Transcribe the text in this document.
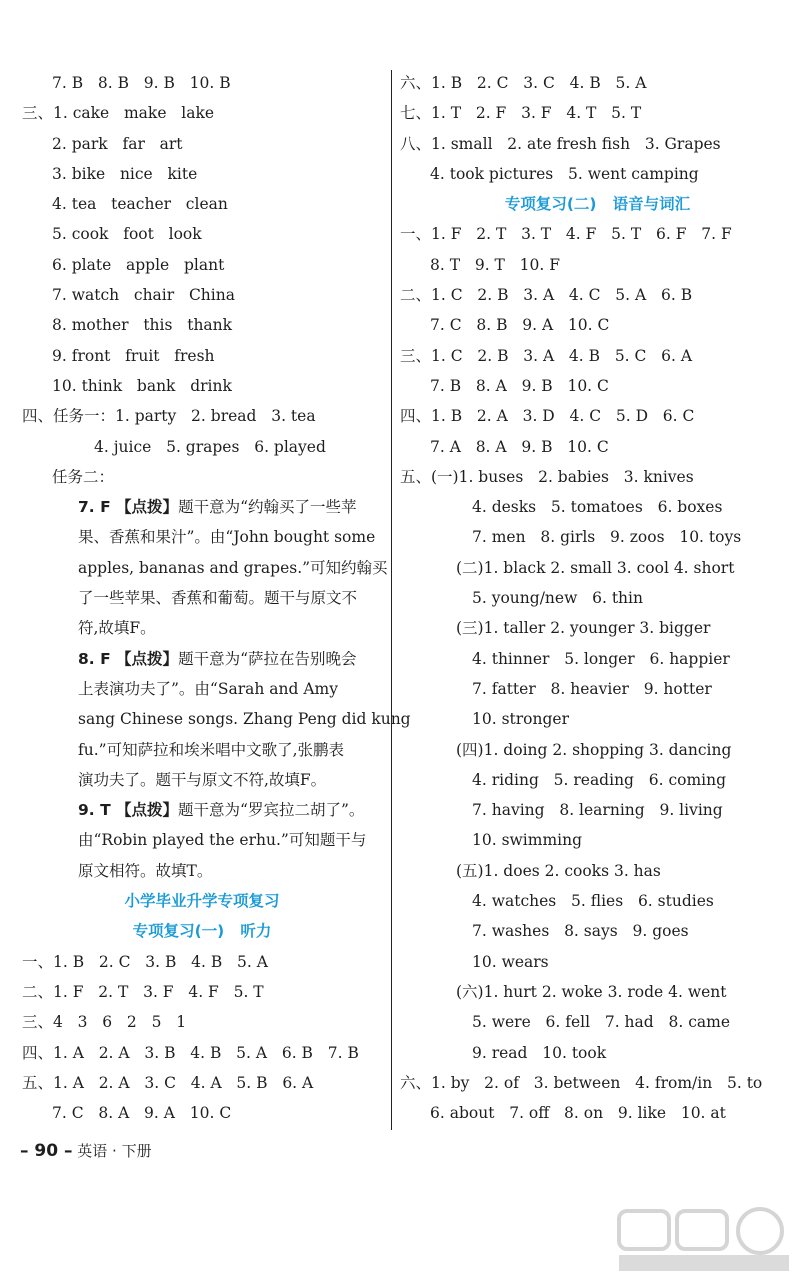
7. B   8. B   9. B   10. B
三、1. cake   make   lake
2. park   far   art
3. bike   nice   kite
4. tea   teacher   clean
5. cook   foot   look
6. plate   apple   plant
7. watch   chair   China
8. mother   this   thank
9. front   fruit   fresh
10. think   bank   drink
四、任务一：1. party   2. bread   3. tea
4. juice   5. grapes   6. played
任务二：
7. F 【点拨】题干意为“约翰买了一些苹
果、香蕉和果汁”。由“John bought some
apples, bananas and grapes.”可知约翰买
了一些苹果、香蕉和葡萄。题干与原文不
符,故填F。
8. F 【点拨】题干意为“萨拉在告别晚会
上表演功夫了”。由“Sarah and Amy
sang Chinese songs. Zhang Peng did kung
fu.”可知萨拉和埃米唱中文歌了,张鹏表
演功夫了。题干与原文不符,故填F。
9. T 【点拨】题干意为“罗宾拉二胡了”。
由“Robin played the erhu.”可知题干与
原文相符。故填T。
小学毕业升学专项复习
专项复习(一)   听力
一、1. B   2. C   3. B   4. B   5. A
二、1. F   2. T   3. F   4. F   5. T
三、4   3   6   2   5   1
四、1. A   2. A   3. B   4. B   5. A   6. B   7. B
五、1. A   2. A   3. C   4. A   5. B   6. A
7. C   8. A   9. A   10. C
六、1. B   2. C   3. C   4. B   5. A
七、1. T   2. F   3. F   4. T   5. T
八、1. small   2. ate fresh fish   3. Grapes
4. took pictures   5. went camping
专项复习(二)   语音与词汇
一、1. F   2. T   3. T   4. F   5. T   6. F   7. F
8. T   9. T   10. F
二、1. C   2. B   3. A   4. C   5. A   6. B
7. C   8. B   9. A   10. C
三、1. C   2. B   3. A   4. B   5. C   6. A
7. B   8. A   9. B   10. C
四、1. B   2. A   3. D   4. C   5. D   6. C
7. A   8. A   9. B   10. C
五、(一)1. buses   2. babies   3. knives
4. desks   5. tomatoes   6. boxes
7. men   8. girls   9. zoos   10. toys
(二)1. black 2. small 3. cool 4. short
5. young/new   6. thin
(三)1. taller 2. younger 3. bigger
4. thinner   5. longer   6. happier
7. fatter   8. heavier   9. hotter
10. stronger
(四)1. doing 2. shopping 3. dancing
4. riding   5. reading   6. coming
7. having   8. learning   9. living
10. swimming
(五)1. does 2. cooks 3. has
4. watches   5. flies   6. studies
7. washes   8. says   9. goes
10. wears
(六)1. hurt 2. woke 3. rode 4. went
5. were   6. fell   7. had   8. came
9. read   10. took
六、1. by   2. of   3. between   4. from/in   5. to
6. about   7. off   8. on   9. like   10. at
– 90 – 英语 · 下册
